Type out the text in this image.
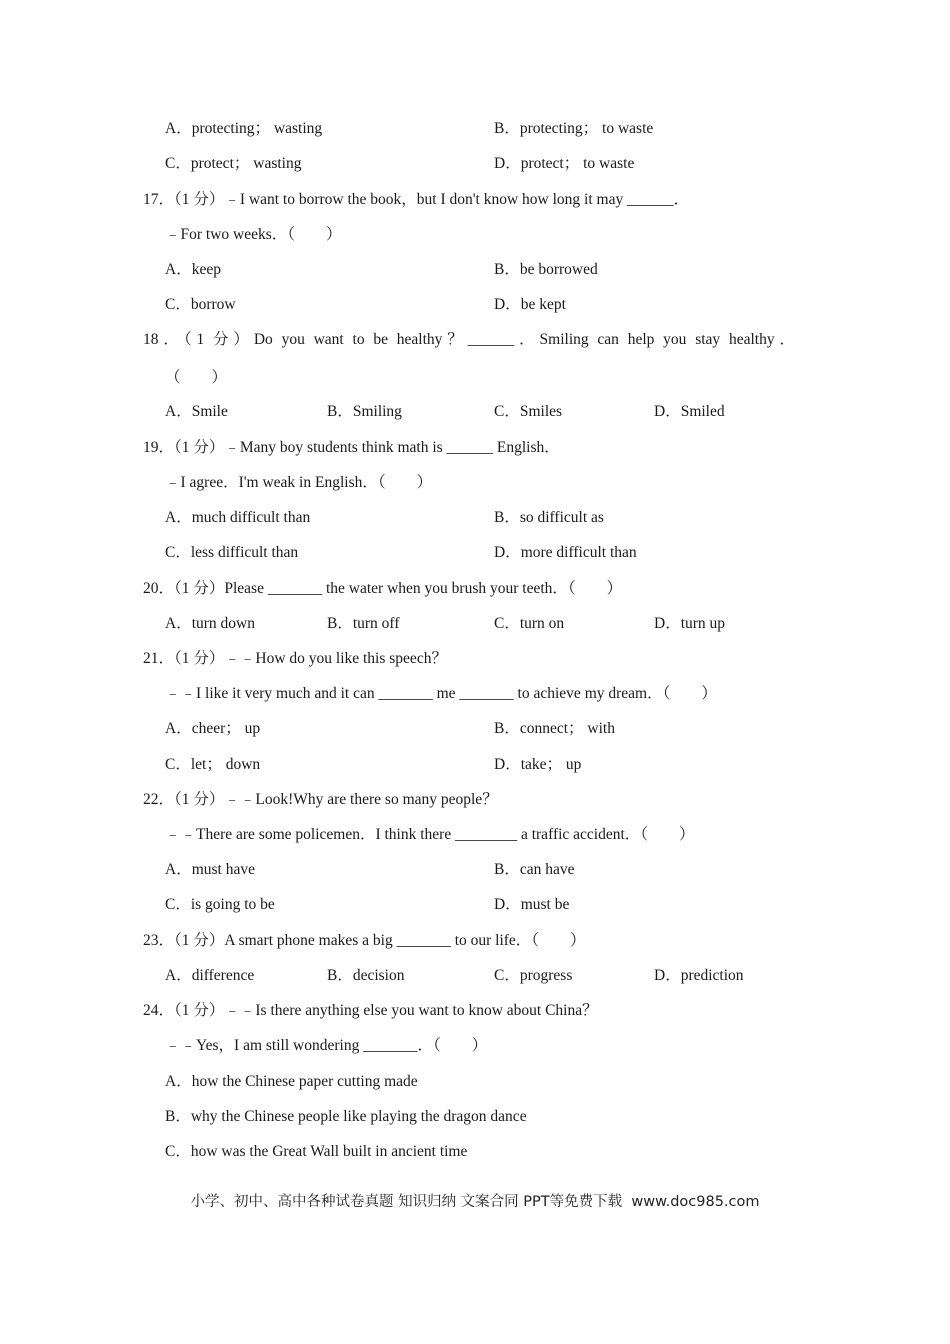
A．protecting； wasting	B．protecting； to waste
C．protect； wasting	D．protect； to waste
17．（1 分）﹣I want to borrow the book，but I don't know how long it may ______．
﹣For two weeks．（　　）
A．keep	B．be borrowed
C．borrow	D．be kept
18．（1 分）Do you want to be healthy？______．Smiling can help you stay healthy．
（　　）
A．Smile	B．Smiling	C．Smiles	D．Smiled
19．（1 分）﹣Many boy students think math is ______ English．
﹣I agree．I'm weak in English．（　　）
A．much difficult than	B．so difficult as
C．less difficult than	D．more difficult than
20．（1 分）Please _______ the water when you brush your teeth．（　　）
A．turn down	B．turn off	C．turn on	D．turn up
21．（1 分）﹣﹣How do you like this speech？
﹣﹣I like it very much and it can _______ me _______ to achieve my dream．（　　）
A．cheer； up	B．connect； with
C．let； down	D．take； up
22．（1 分）﹣﹣Look!Why are there so many people？
﹣﹣There are some policemen．I think there ________ a traffic accident．（　　）
A．must have	B．can have
C．is going to be	D．must be
23．（1 分）A smart phone makes a big _______ to our life．（　　）
A．difference	B．decision	C．progress	D．prediction
24．（1 分）﹣﹣Is there anything else you want to know about China？
﹣﹣Yes，I am still wondering _______．（　　）
A．how the Chinese paper cutting made
B．why the Chinese people like playing the dragon dance
C．how was the Great Wall built in ancient time
小学、初中、高中各种试卷真题 知识归纳 文案合同 PPT等免费下载  www.doc985.com
